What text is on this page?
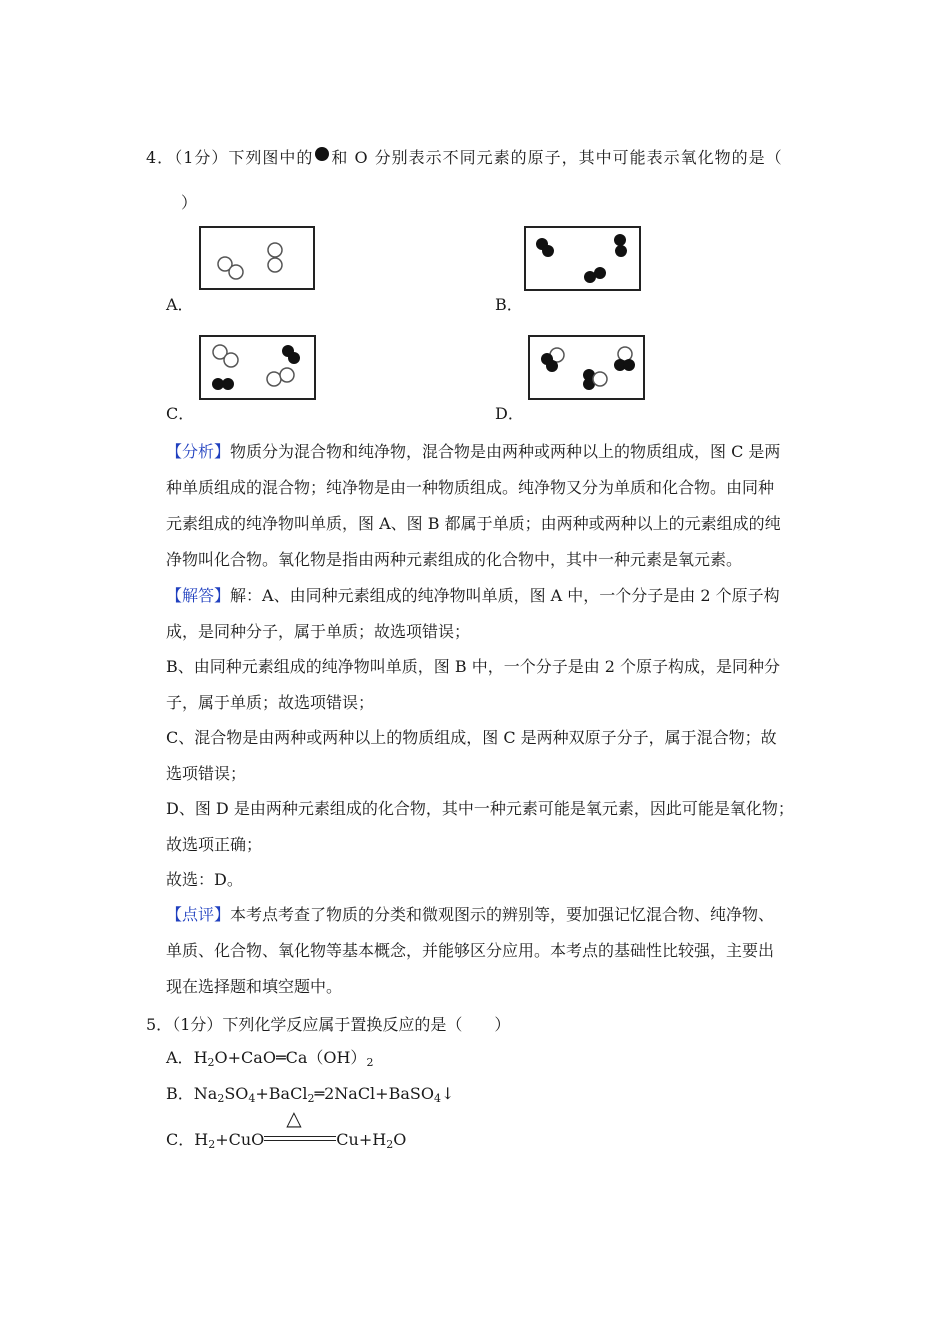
4．（1分）下列图中的 和 O 分别表示不同元素的原子，其中可能表示氧化物的是（
）
A．	B．
C．	D．
【分析】物质分为混合物和纯净物，混合物是由两种或两种以上的物质组成，图 C 是两
种单质组成的混合物；纯净物是由一种物质组成。纯净物又分为单质和化合物。由同种
元素组成的纯净物叫单质，图 A、图 B 都属于单质；由两种或两种以上的元素组成的纯
净物叫化合物。氧化物是指由两种元素组成的化合物中，其中一种元素是氧元素。
【解答】解：A、由同种元素组成的纯净物叫单质，图 A 中，一个分子是由 2 个原子构
成，是同种分子，属于单质；故选项错误；
B、由同种元素组成的纯净物叫单质，图 B 中，一个分子是由 2 个原子构成，是同种分
子，属于单质；故选项错误；
C、混合物是由两种或两种以上的物质组成，图 C 是两种双原子分子，属于混合物；故
选项错误；
D、图 D 是由两种元素组成的化合物，其中一种元素可能是氧元素，因此可能是氧化物；
故选项正确；
故选：D。
【点评】本考点考查了物质的分类和微观图示的辨别等，要加强记忆混合物、纯净物、
单质、化合物、氧化物等基本概念，并能够区分应用。本考点的基础性比较强，主要出
现在选择题和填空题中。
5．（1分）下列化学反应属于置换反应的是（　　）
A．$H_2O+CaO═Ca(OH)_2$
B．$Na_2SO_4+BaCl_2═2NaCl+BaSO_4↓$
C．$H_2+CuO$
△
$Cu+H_2O$
